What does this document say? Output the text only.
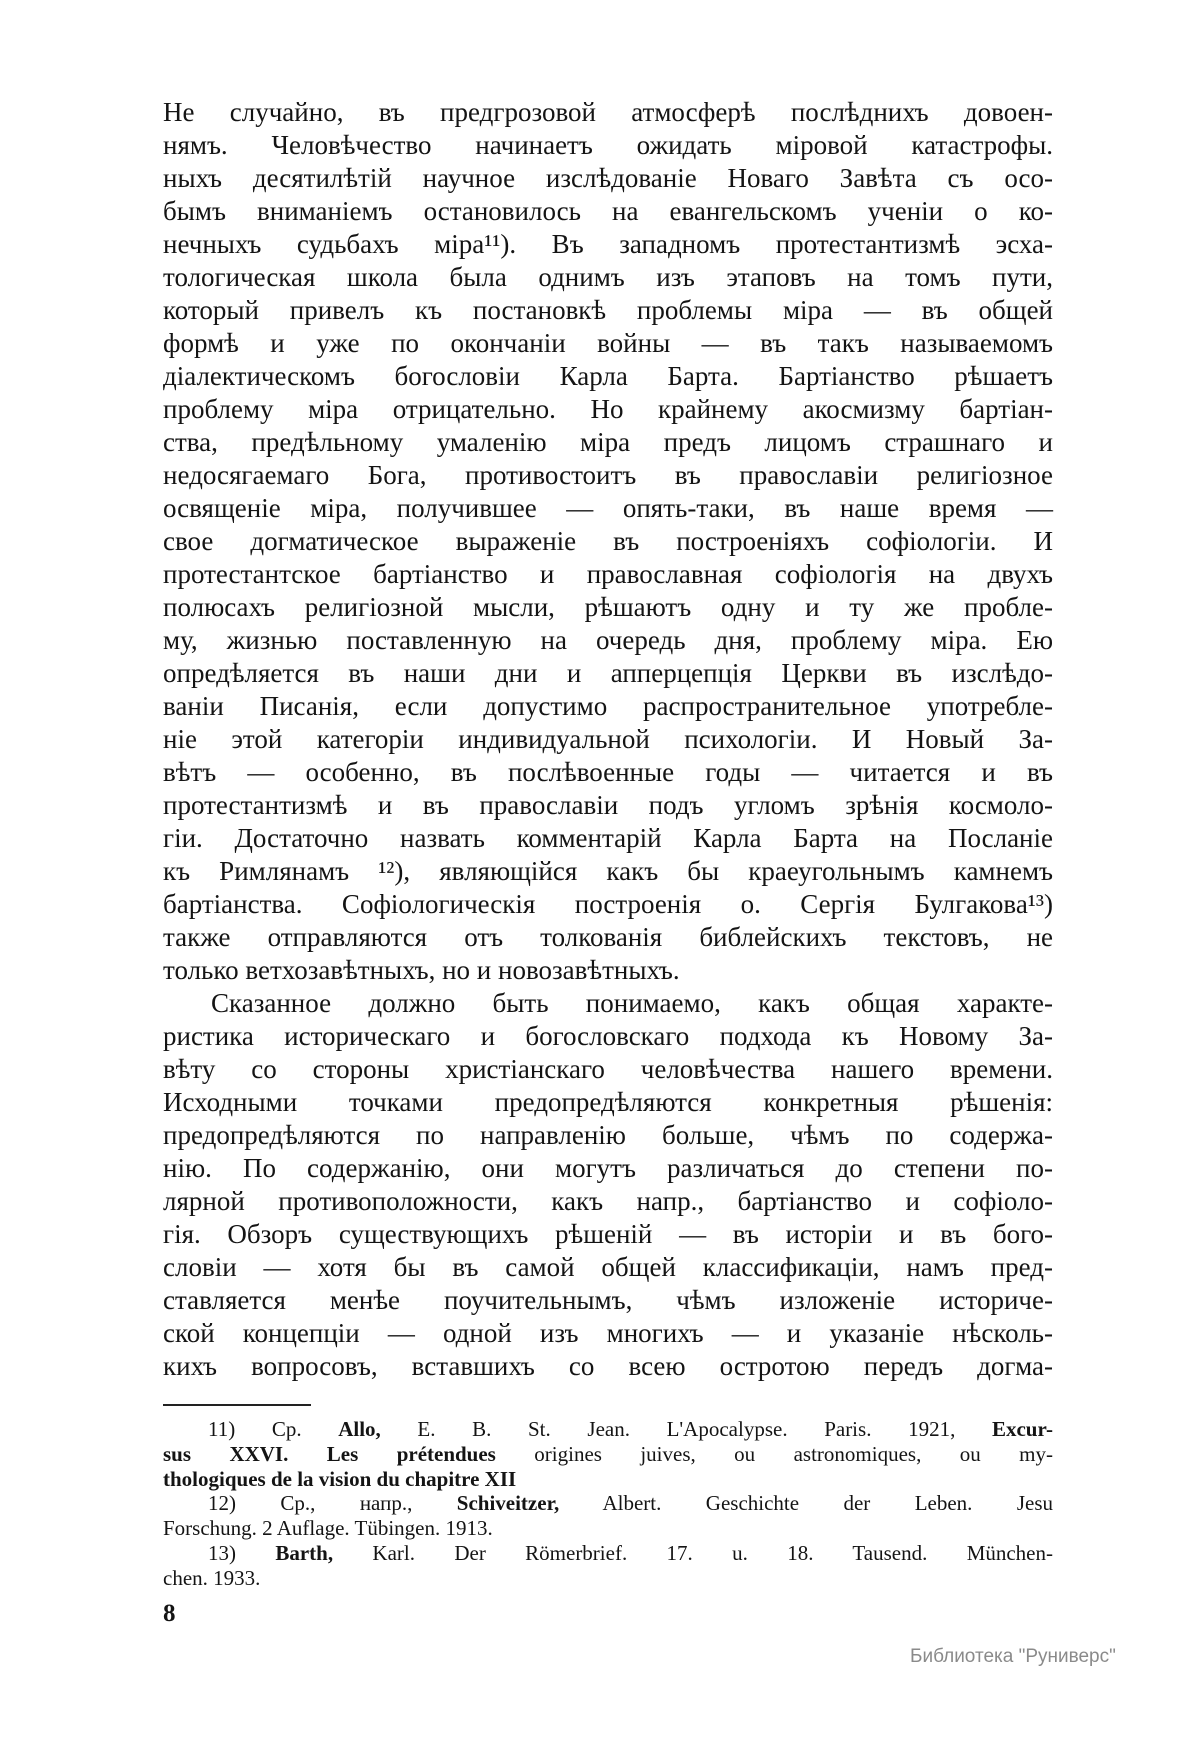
Не случайно, въ предгрозовой атмосферѣ послѣднихъ довоен-
нямъ. Человѣчество начинаетъ ожидать міровой катастрофы.
ныхъ десятилѣтій научное изслѣдованіе Новаго Завѣта съ осо-
бымъ вниманіемъ остановилось на евангельскомъ ученіи о ко-
нечныхъ судьбахъ міра¹¹). Въ западномъ протестантизмѣ эсха-
тологическая школа была однимъ изъ этаповъ на томъ пути,
который привелъ къ постановкѣ проблемы міра — въ общей
формѣ и уже по окончаніи войны — въ такъ называемомъ
діалектическомъ богословіи Карла Барта. Бартіанство рѣшаетъ
проблему міра отрицательно. Но крайнему акосмизму бартіан-
ства, предѣльному умаленію міра предъ лицомъ страшнаго и
недосягаемаго Бога, противостоитъ въ православіи религіозное
освященіе міра, получившее — опять-таки, въ наше время —
свое догматическое выраженіе въ построеніяхъ софіологіи. И
протестантское бартіанство и православная софіологія на двухъ
полюсахъ религіозной мысли, рѣшаютъ одну и ту же пробле-
му, жизнью поставленную на очередь дня, проблему міра. Ею
опредѣляется въ наши дни и апперцепція Церкви въ изслѣдо-
ваніи Писанія, если допустимо распространительное употребле-
ніе этой категоріи индивидуальной психологіи. И Новый За-
вѣтъ — особенно, въ послѣвоенные годы — читается и въ
протестантизмѣ и въ православіи подъ угломъ зрѣнія космоло-
гіи. Достаточно назвать комментарій Карла Барта на Посланіе
къ Римлянамъ ¹²), являющійся какъ бы краеугольнымъ камнемъ
бартіанства. Софіологическія построенія о. Сергія Булгакова¹³)
также отправляются отъ толкованія библейскихъ текстовъ, не
только ветхозавѣтныхъ, но и новозавѣтныхъ.
Сказанное должно быть понимаемо, какъ общая характе-
ристика историческаго и богословскаго подхода къ Новому За-
вѣту со стороны христіанскаго человѣчества нашего времени.
Исходными точками предопредѣляются конкретныя рѣшенія:
предопредѣляются по направленію больше, чѣмъ по содержа-
нію. По содержанію, они могутъ различаться до степени по-
лярной противоположности, какъ напр., бартіанство и софіоло-
гія. Обзоръ существующихъ рѣшеній — въ исторіи и въ бого-
словіи — хотя бы въ самой общей классификаціи, намъ пред-
ставляется менѣе поучительнымъ, чѣмъ изложеніе историче-
ской концепціи — одной изъ многихъ — и указаніе нѣсколь-
кихъ вопросовъ, вставшихъ со всею остротою передъ догма-
11) Ср. Allo, E. B. St. Jean. L'Apocalypse. Paris. 1921, Excur-
sus XXVI. Les prétendues origines juives, ou astronomiques, ou my-
thologiques de la vision du chapitre XII
12) Ср., напр., Schiveitzer, Albert. Geschichte der Leben. Jesu
Forschung. 2 Auflage. Tübingen. 1913.
13) Barth, Karl. Der Römerbrief. 17. u. 18. Tausend. München-
chen. 1933.
8
Библиотека "Руниверс"
